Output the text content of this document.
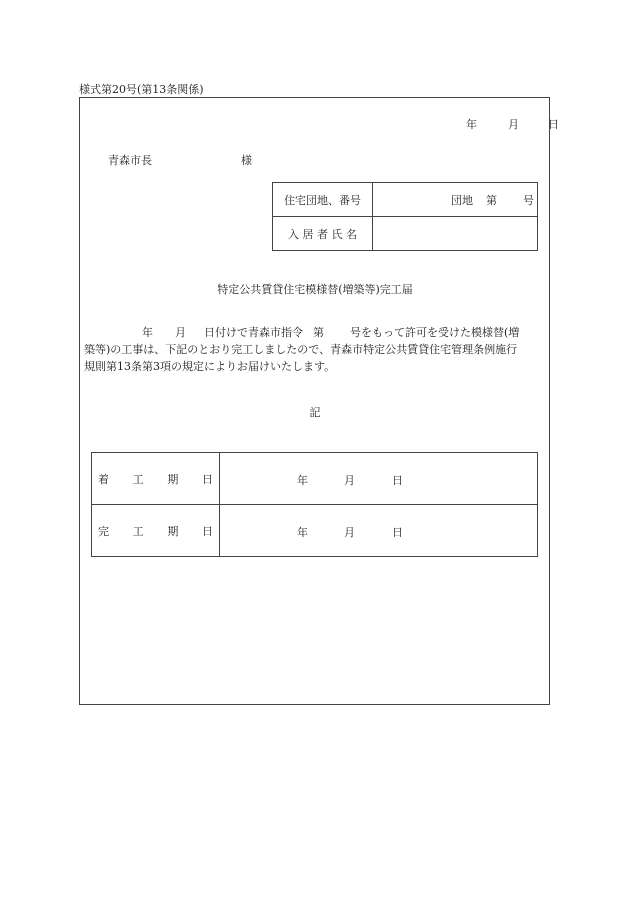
様式第20号(第13条関係)
年	月	日
青森市長	様
住宅団地、番号	団地 第 号

入 居 者 氏 名	
特定公共賃貸住宅模様替(増築等)完工届
年 月 日付けで青森市指令 第 号をもって許可を受けた模様替(増
築等)の工事は、下記のとおり完工しましたので、青森市特定公共賃貸住宅管理条例施行
規則第13条第3項の規定によりお届けいたします。
記
着 工 期 日	年 月 日

完 工 期 日	年 月 日
